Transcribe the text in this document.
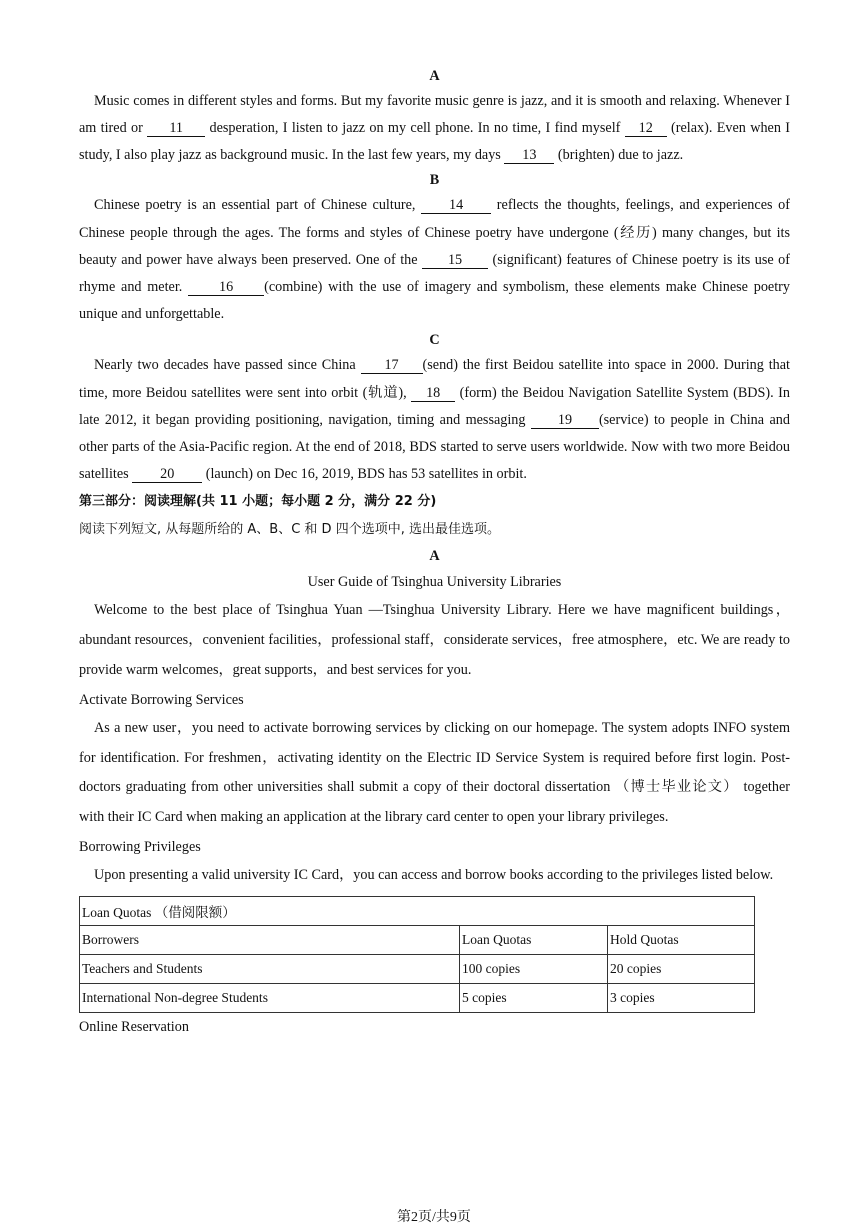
A
Music comes in different styles and forms. But my favorite music genre is jazz, and it is smooth and relaxing. Whenever I am tired or 11 desperation, I listen to jazz on my cell phone. In no time, I find myself 12 (relax). Even when I study, I also play jazz as background music. In the last few years, my days 13 (brighten) due to jazz.
B
Chinese poetry is an essential part of Chinese culture, 14 reflects the thoughts, feelings, and experiences of Chinese people through the ages. The forms and styles of Chinese poetry have undergone (经历) many changes, but its beauty and power have always been preserved. One of the 15 (significant) features of Chinese poetry is its use of rhyme and meter. 16 (combine) with the use of imagery and symbolism, these elements make Chinese poetry unique and unforgettable.
C
Nearly two decades have passed since China 17 (send) the first Beidou satellite into space in 2000. During that time, more Beidou satellites were sent into orbit (轨道), 18 (form) the Beidou Navigation Satellite System (BDS). In late 2012, it began providing positioning, navigation, timing and messaging 19 (service) to people in China and other parts of the Asia-Pacific region. At the end of 2018, BDS started to serve users worldwide. Now with two more Beidou satellites 20 (launch) on Dec 16, 2019, BDS has 53 satellites in orbit.
第三部分：阅读理解(共 11 小题；每小题 2 分，满分 22 分)
阅读下列短文, 从每题所给的 A、B、C 和 D 四个选项中, 选出最佳选项。
A
User Guide of Tsinghua University Libraries
Welcome to the best place of Tsinghua Yuan —Tsinghua University Library. Here we have magnificent buildings，abundant resources，convenient facilities，professional staff，considerate services，free atmosphere，etc. We are ready to provide warm welcomes，great supports，and best services for you.
Activate Borrowing Services
As a new user，you need to activate borrowing services by clicking on our homepage. The system adopts INFO system for identification. For freshmen，activating identity on the Electric ID Service System is required before first login. Post-doctors graduating from other universities shall submit a copy of their doctoral dissertation （博士毕业论文） together with their IC Card when making an application at the library card center to open your library privileges.
Borrowing Privileges
Upon presenting a valid university IC Card，you can access and borrow books according to the privileges listed below.
Loan Quotas （借阅限额）		
Borrowers	Loan Quotas	Hold Quotas
Teachers and Students	100 copies	20 copies
International Non-degree Students	5 copies	3 copies
Online Reservation
第2页/共9页
